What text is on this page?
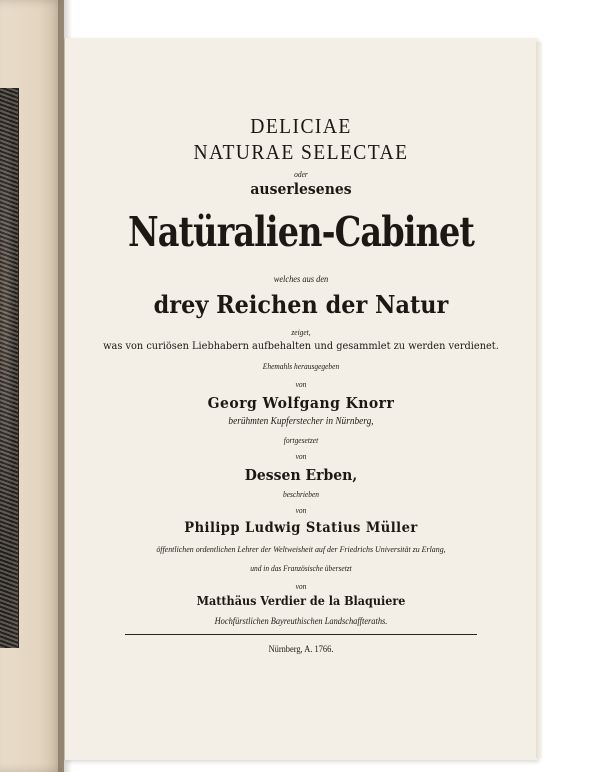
DELICIAE
NATURAE SELECTAE
oder
auserlesenes
Natüralien-Cabinet
welches aus den
drey Reichen der Natur
zeiget,
was von curiösen Liebhabern aufbehalten und gesammlet zu werden verdienet.
Ehemahls herausgegeben
von
Georg Wolfgang Knorr
berühmten Kupferstecher in Nürnberg,
fortgesetzet
von
Dessen Erben,
beschrieben
von
Philipp Ludwig Statius Müller
öffentlichen ordentlichen Lehrer der Weltweisheit auf der Friedrichs Universität zu Erlang,
und in das Französische übersetzt
von
Matthäus Verdier de la Blaquiere
Hochfürstlichen Bayreuthischen Landschaffteraths.
Nürnberg, A. 1766.
